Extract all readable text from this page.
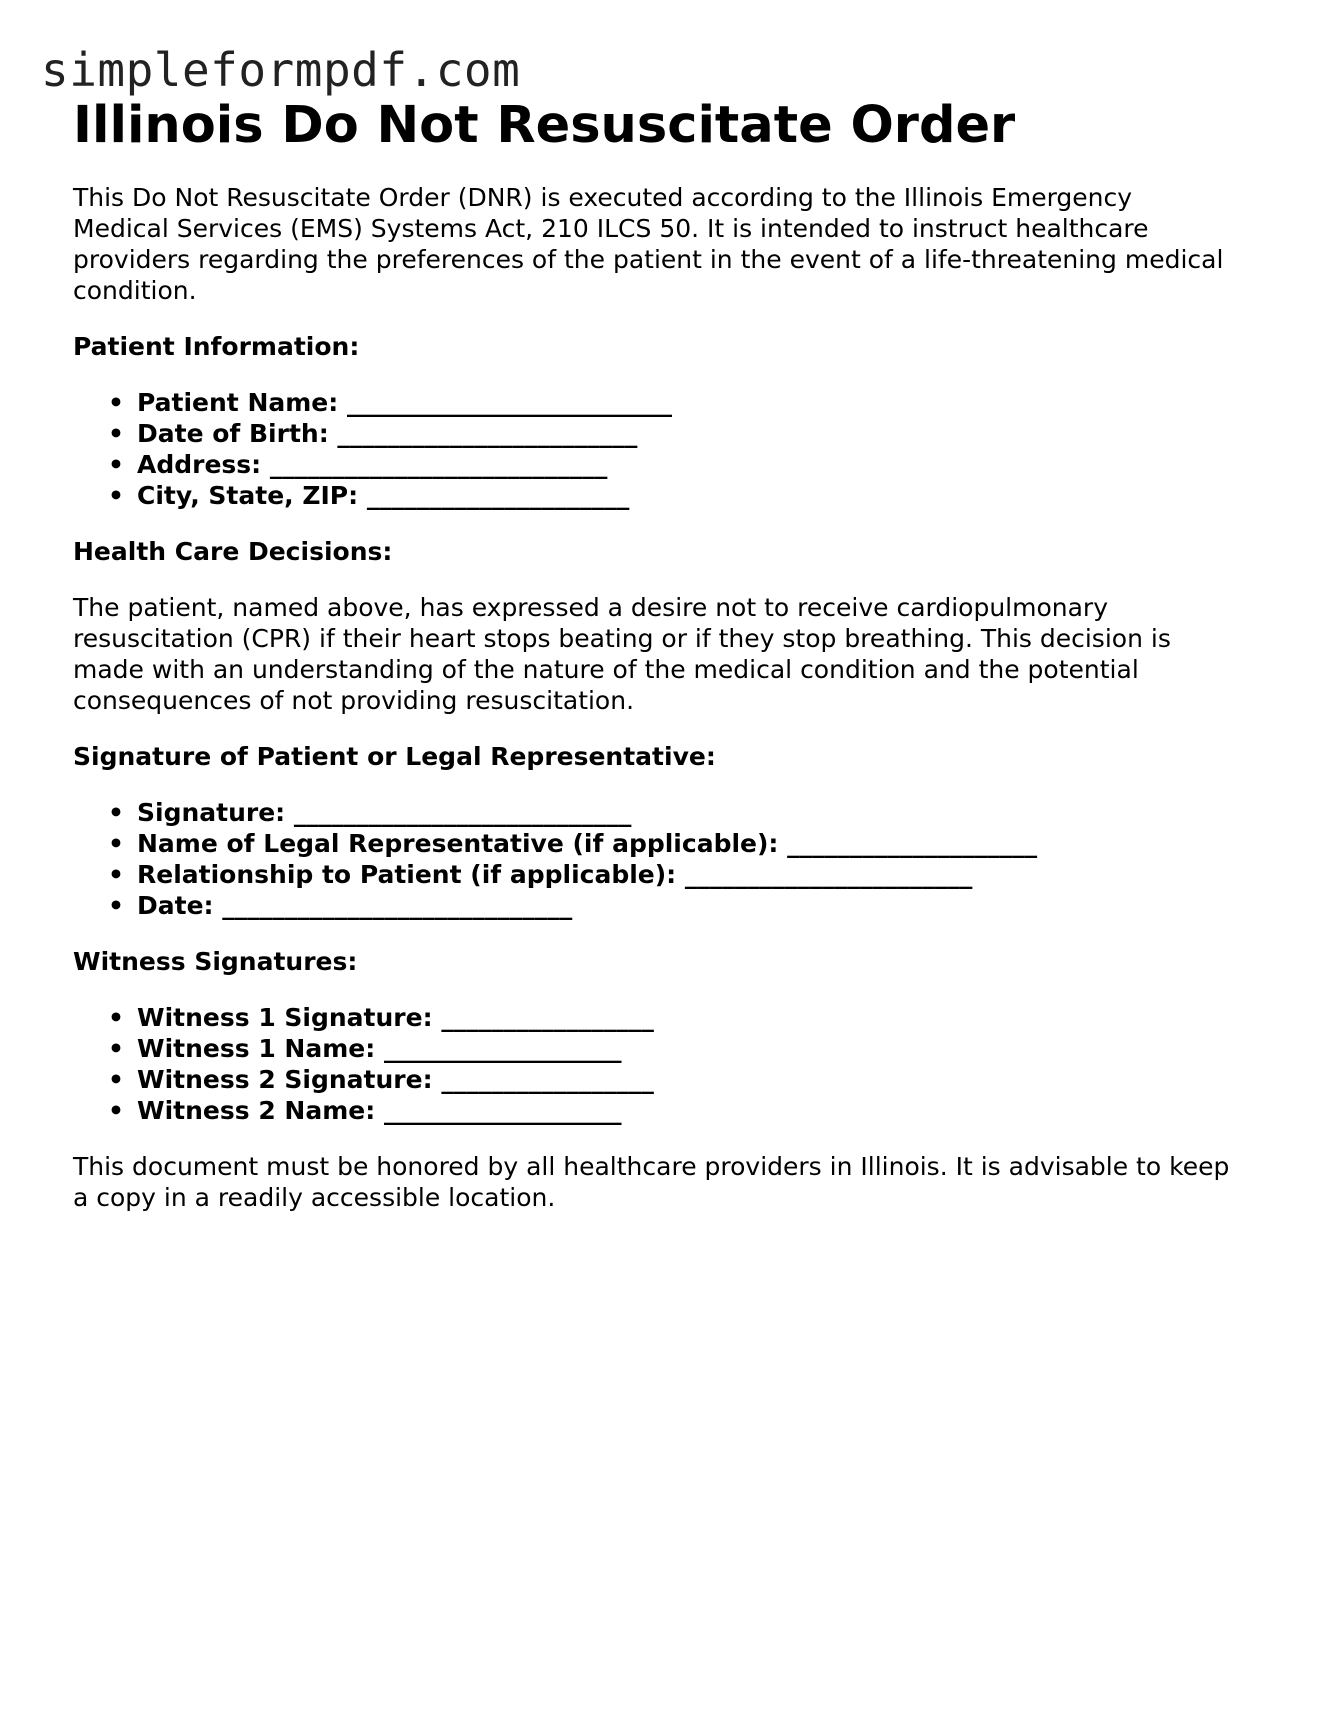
simpleformpdf.com
Illinois Do Not Resuscitate Order

This Do Not Resuscitate Order (DNR) is executed according to the Illinois Emergency Medical Services (EMS) Systems Act, 210 ILCS 50. It is intended to instruct healthcare providers regarding the preferences of the patient in the event of a life-threatening medical condition.

Patient Information:
• Patient Name: __________________________
• Date of Birth: ________________________
• Address: ___________________________
• City, State, ZIP: _____________________
Health Care Decisions:

The patient, named above, has expressed a desire not to receive cardiopulmonary resuscitation (CPR) if their heart stops beating or if they stop breathing. This decision is made with an understanding of the nature of the medical condition and the potential consequences of not providing resuscitation.

Signature of Patient or Legal Representative:
• Signature: ___________________________
• Name of Legal Representative (if applicable): ____________________
• Relationship to Patient (if applicable): _______________________
• Date: ____________________________
Witness Signatures:
• Witness 1 Signature: _________________
• Witness 1 Name: ___________________
• Witness 2 Signature: _________________
• Witness 2 Name: ___________________

This document must be honored by all healthcare providers in Illinois. It is advisable to keep a copy in a readily accessible location.
